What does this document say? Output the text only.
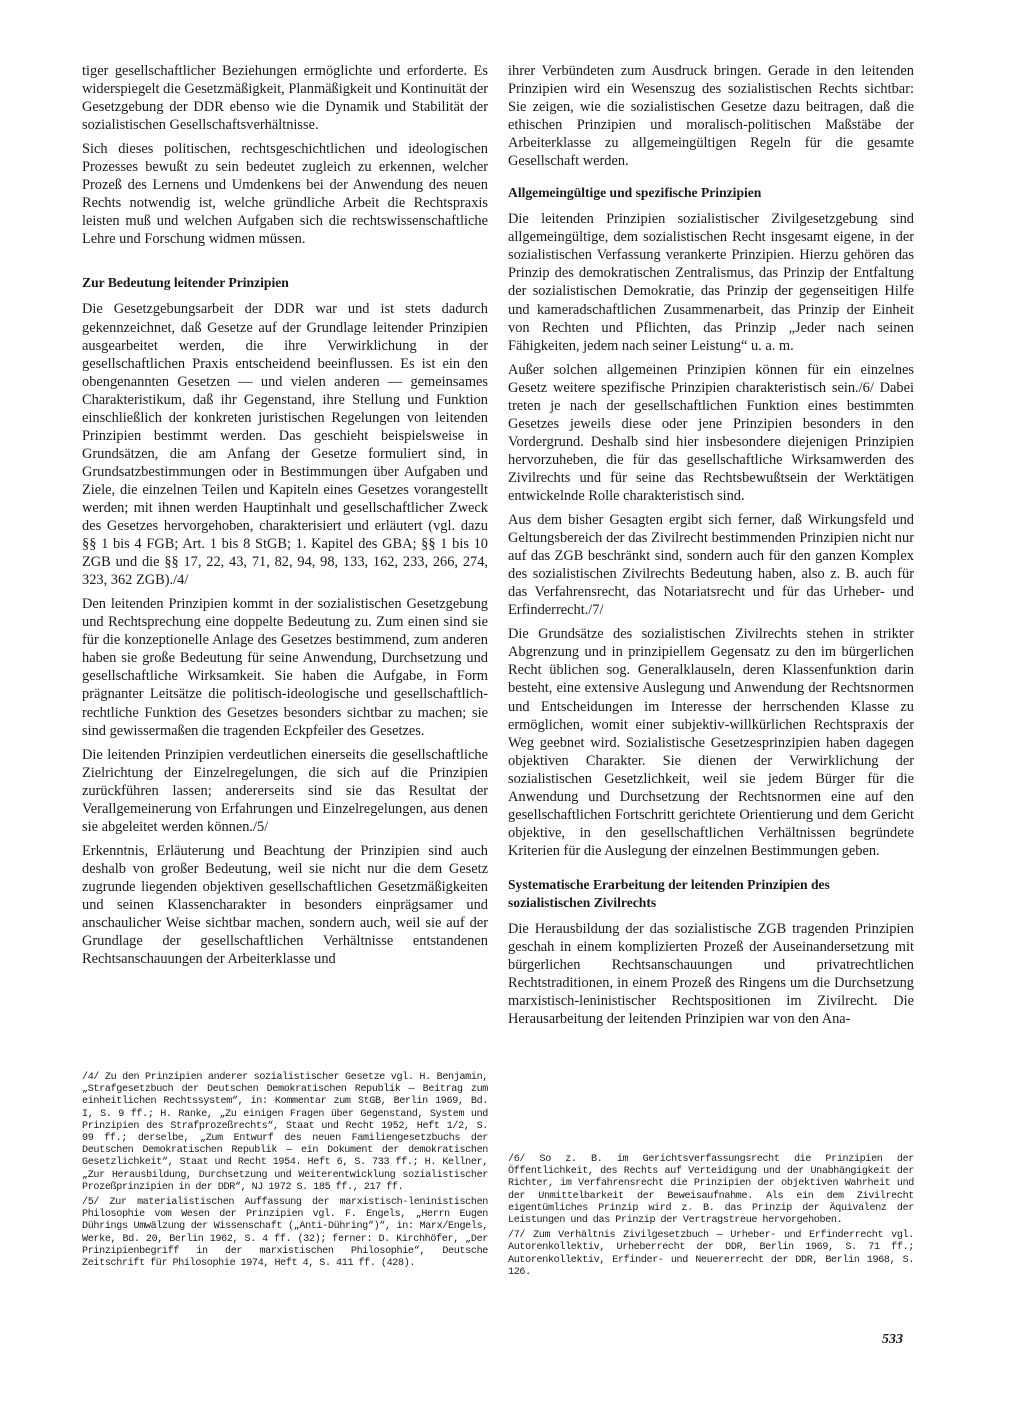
tiger gesellschaftlicher Beziehungen ermöglichte und erforderte. Es widerspiegelt die Gesetzmäßigkeit, Planmäßigkeit und Kontinuität der Gesetzgebung der DDR ebenso wie die Dynamik und Stabilität der sozialistischen Gesellschaftsverhältnisse.

Sich dieses politischen, rechtsgeschichtlichen und ideologischen Prozesses bewußt zu sein bedeutet zugleich zu erkennen, welcher Prozeß des Lernens und Umdenkens bei der Anwendung des neuen Rechts notwendig ist, welche gründliche Arbeit die Rechtspraxis leisten muß und welchen Aufgaben sich die rechtswissenschaftliche Lehre und Forschung widmen müssen.

Zur Bedeutung leitender Prinzipien

Die Gesetzgebungsarbeit der DDR war und ist stets dadurch gekennzeichnet, daß Gesetze auf der Grundlage leitender Prinzipien ausgearbeitet werden, die ihre Verwirklichung in der gesellschaftlichen Praxis entscheidend beeinflussen. Es ist ein den obengenannten Gesetzen — und vielen anderen — gemeinsames Charakteristikum, daß ihr Gegenstand, ihre Stellung und Funktion einschließlich der konkreten juristischen Regelungen von leitenden Prinzipien bestimmt werden. Das geschieht beispielsweise in Grundsätzen, die am Anfang der Gesetze formuliert sind, in Grundsatzbestimmungen oder in Bestimmungen über Aufgaben und Ziele, die einzelnen Teilen und Kapiteln eines Gesetzes vorangestellt werden; mit ihnen werden Hauptinhalt und gesellschaftlicher Zweck des Gesetzes hervorgehoben, charakterisiert und erläutert (vgl. dazu §§ 1 bis 4 FGB; Art. 1 bis 8 StGB; 1. Kapitel des GBA; §§ 1 bis 10 ZGB und die §§ 17, 22, 43, 71, 82, 94, 98, 133, 162, 233, 266, 274, 323, 362 ZGB)./4/

Den leitenden Prinzipien kommt in der sozialistischen Gesetzgebung und Rechtsprechung eine doppelte Bedeutung zu. Zum einen sind sie für die konzeptionelle Anlage des Gesetzes bestimmend, zum anderen haben sie große Bedeutung für seine Anwendung, Durchsetzung und gesellschaftliche Wirksamkeit. Sie haben die Aufgabe, in Form prägnanter Leitsätze die politisch-ideologische und gesellschaftlich-rechtliche Funktion des Gesetzes besonders sichtbar zu machen; sie sind gewissermaßen die tragenden Eckpfeiler des Gesetzes.

Die leitenden Prinzipien verdeutlichen einerseits die gesellschaftliche Zielrichtung der Einzelregelungen, die sich auf die Prinzipien zurückführen lassen; andererseits sind sie das Resultat der Verallgemeinerung von Erfahrungen und Einzelregelungen, aus denen sie abgeleitet werden können./5/

Erkenntnis, Erläuterung und Beachtung der Prinzipien sind auch deshalb von großer Bedeutung, weil sie nicht nur die dem Gesetz zugrunde liegenden objektiven gesellschaftlichen Gesetzmäßigkeiten und seinen Klassencharakter in besonders einprägsamer und anschaulicher Weise sichtbar machen, sondern auch, weil sie auf der Grundlage der gesellschaftlichen Verhältnisse entstandenen Rechtsanschauungen der Arbeiterklasse und

/4/ Zu den Prinzipien anderer sozialistischer Gesetze vgl. H. Benjamin, „Strafgesetzbuch der Deutschen Demokratischen Republik — Beitrag zum einheitlichen Rechtssystem“, in: Kommentar zum StGB, Berlin 1969, Bd. I, S. 9 ff.; H. Ranke, „Zu einigen Fragen über Gegenstand, System und Prinzipien des Strafprozeßrechts“, Staat und Recht 1952, Heft 1/2, S. 99 ff.; derselbe, „Zum Entwurf des neuen Familiengesetzbuchs der Deutschen Demokratischen Republik — ein Dokument der demokratischen Gesetzlichkeit“, Staat und Recht 1954. Heft 6, S. 733 ff.; H. Kellner, „Zur Herausbildung, Durchsetzung und Weiterentwicklung sozialistischer Prozeßprinzipien in der DDR“, NJ 1972 S. 185 ff., 217 ff.

/5/ Zur materialistischen Auffassung der marxistisch-leninistischen Philosophie vom Wesen der Prinzipien vgl. F. Engels, „Herrn Eugen Dührings Umwälzung der Wissenschaft („Anti-Dühring“)“, in: Marx/Engels, Werke, Bd. 20, Berlin 1962, S. 4 ff. (32); ferner: D. Kirchhöfer, „Der Prinzipienbegriff in der marxistischen Philosophie“, Deutsche Zeitschrift für Philosophie 1974, Heft 4, S. 411 ff. (428).

ihrer Verbündeten zum Ausdruck bringen. Gerade in den leitenden Prinzipien wird ein Wesenszug des sozialistischen Rechts sichtbar: Sie zeigen, wie die sozialistischen Gesetze dazu beitragen, daß die ethischen Prinzipien und moralisch-politischen Maßstäbe der Arbeiterklasse zu allgemeingültigen Regeln für die gesamte Gesellschaft werden.

Allgemeingültige und spezifische Prinzipien

Die leitenden Prinzipien sozialistischer Zivilgesetzgebung sind allgemeingültige, dem sozialistischen Recht insgesamt eigene, in der sozialistischen Verfassung verankerte Prinzipien. Hierzu gehören das Prinzip des demokratischen Zentralismus, das Prinzip der Entfaltung der sozialistischen Demokratie, das Prinzip der gegenseitigen Hilfe und kameradschaftlichen Zusammenarbeit, das Prinzip der Einheit von Rechten und Pflichten, das Prinzip „Jeder nach seinen Fähigkeiten, jedem nach seiner Leistung“ u. a. m.

Außer solchen allgemeinen Prinzipien können für ein einzelnes Gesetz weitere spezifische Prinzipien charakteristisch sein./6/ Dabei treten je nach der gesellschaftlichen Funktion eines bestimmten Gesetzes jeweils diese oder jene Prinzipien besonders in den Vordergrund. Deshalb sind hier insbesondere diejenigen Prinzipien hervorzuheben, die für das gesellschaftliche Wirksamwerden des Zivilrechts und für seine das Rechtsbewußtsein der Werktätigen entwickelnde Rolle charakteristisch sind.

Aus dem bisher Gesagten ergibt sich ferner, daß Wirkungsfeld und Geltungsbereich der das Zivilrecht bestimmenden Prinzipien nicht nur auf das ZGB beschränkt sind, sondern auch für den ganzen Komplex des sozialistischen Zivilrechts Bedeutung haben, also z. B. auch für das Verfahrensrecht, das Notariatsrecht und für das Urheber- und Erfinderrecht./7/

Die Grundsätze des sozialistischen Zivilrechts stehen in strikter Abgrenzung und in prinzipiellem Gegensatz zu den im bürgerlichen Recht üblichen sog. Generalklauseln, deren Klassenfunktion darin besteht, eine extensive Auslegung und Anwendung der Rechtsnormen und Entscheidungen im Interesse der herrschenden Klasse zu ermöglichen, womit einer subjektiv-willkürlichen Rechtspraxis der Weg geebnet wird. Sozialistische Gesetzesprinzipien haben dagegen objektiven Charakter. Sie dienen der Verwirklichung der sozialistischen Gesetzlichkeit, weil sie jedem Bürger für die Anwendung und Durchsetzung der Rechtsnormen eine auf den gesellschaftlichen Fortschritt gerichtete Orientierung und dem Gericht objektive, in den gesellschaftlichen Verhältnissen begründete Kriterien für die Auslegung der einzelnen Bestimmungen geben.

Systematische Erarbeitung der leitenden Prinzipien des sozialistischen Zivilrechts

Die Herausbildung der das sozialistische ZGB tragenden Prinzipien geschah in einem komplizierten Prozeß der Auseinandersetzung mit bürgerlichen Rechtsanschauungen und privatrechtlichen Rechtstraditionen, in einem Prozeß des Ringens um die Durchsetzung marxistisch-leninistischer Rechtspositionen im Zivilrecht. Die Herausarbeitung der leitenden Prinzipien war von den Ana-

/6/ So z. B. im Gerichtsverfassungsrecht die Prinzipien der Öffentlichkeit, des Rechts auf Verteidigung und der Unabhängigkeit der Richter, im Verfahrensrecht die Prinzipien der objektiven Wahrheit und der Unmittelbarkeit der Beweisaufnahme. Als ein dem Zivilrecht eigentümliches Prinzip wird z. B. das Prinzip der Äquivalenz der Leistungen und das Prinzip der Vertragstreue hervorgehoben.

/7/ Zum Verhältnis Zivilgesetzbuch — Urheber- und Erfinderrecht vgl. Autorenkollektiv, Urheberrecht der DDR, Berlin 1969, S. 71 ff.; Autorenkollektiv, Erfinder- und Neuererrecht der DDR, Berlin 1968, S. 126.

533
